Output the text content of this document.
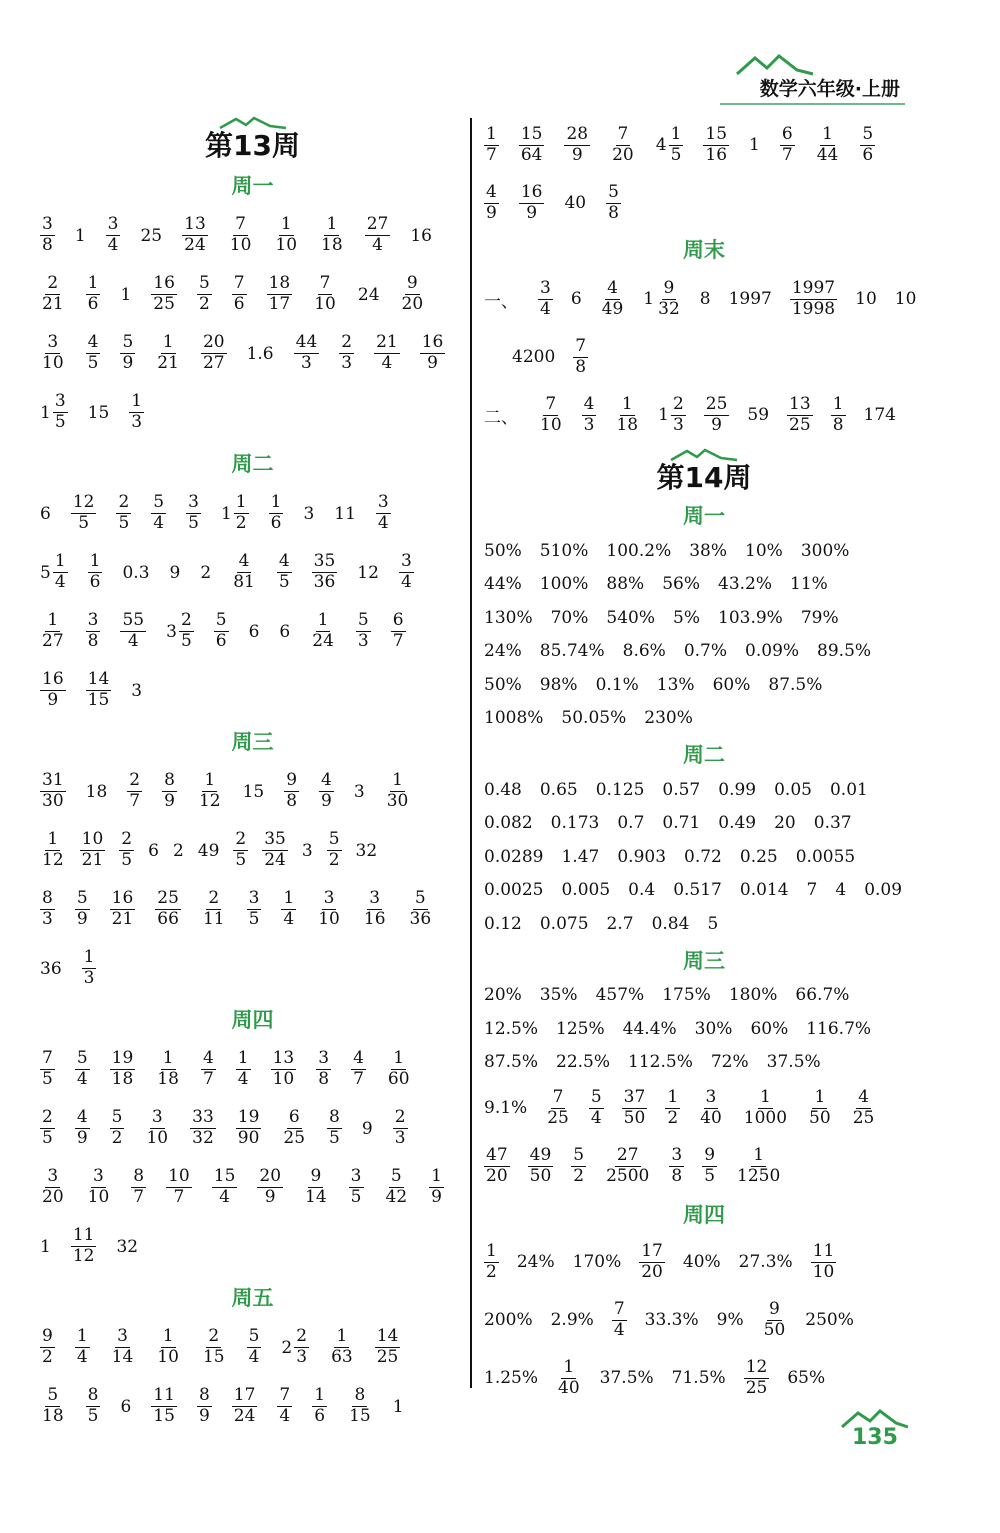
数学六年级·上册
第13周
周一
3
8 1
3
4 25
13
24
7
10
1
10
1
18
27
4 16
2
21
1
6 1
16
25
5
2
7
6
18
17
7
10 24
9
20
3
10
4
5
5
9
1
21
20
27 1.6
44
3
2
3
21
4
16
9
1
3
5 15
1
3
周二
6
12
5
2
5
5
4
3
5 1
1
2
1
6 3 11
3
4
5
1
4
1
6 0.3 9 2
4
81
4
5
35
36 12
3
4
1
27
3
8
55
4 3
2
5
5
6 6 6
1
24
5
3
6
7
16
9
14
15 3
周三
31
30 18
2
7
8
9
1
12 15
9
8
4
9 3
1
30
1
12
10
21
2
5 6 2 49
2
5
35
24 3
5
2 32
8
3
5
9
16
21
25
66
2
11
3
5
1
4
3
10
3
16
5
36
36
1
3
周四
7
5
5
4
19
18
1
18
4
7
1
4
13
10
3
8
4
7
1
60
2
5
4
9
5
2
3
10
33
32
19
90
6
25
8
5 9
2
3
3
20
3
10
8
7
10
7
15
4
20
9
9
14
3
5
5
42
1
9
1
11
12 32
周五
9
2
1
4
3
14
1
10
2
15
5
4 2
2
3
1
63
14
25
5
18
8
5 6
11
15
8
9
17
24
7
4
1
6
8
15 1
1
7
15
64
28
9
7
20 4
1
5
15
16 1
6
7
1
44
5
6
4
9
16
9 40
5
8
周末
一、
3
4 6
4
49 1
9
32 8 1997
1997
1998 10 10
4200
7
8
二、
7
10
4
3
1
18 1
2
3
25
9 59
13
25
1
8 174
第14周
周一
50% 510% 100.2% 38% 10% 300%
44% 100% 88% 56% 43.2% 11%
130% 70% 540% 5% 103.9% 79%
24% 85.74% 8.6% 0.7% 0.09% 89.5%
50% 98% 0.1% 13% 60% 87.5%
1008% 50.05% 230%
周二
0.48 0.65 0.125 0.57 0.99 0.05 0.01
0.082 0.173 0.7 0.71 0.49 20 0.37
0.0289 1.47 0.903 0.72 0.25 0.0055
0.0025 0.005 0.4 0.517 0.014 7 4 0.09
0.12 0.075 2.7 0.84 5
周三
20% 35% 457% 175% 180% 66.7%
12.5% 125% 44.4% 30% 60% 116.7%
87.5% 22.5% 112.5% 72% 37.5%
9.1%
7
25
5
4
37
50
1
2
3
40
1
1000
1
50
4
25
47
20
49
50
5
2
27
2500
3
8
9
5
1
1250
周四
1
2 24% 170%
17
20 40% 27.3%
11
10
200% 2.9%
7
4 33.3% 9%
9
50 250%
1.25%
1
40 37.5% 71.5%
12
25 65%
135
